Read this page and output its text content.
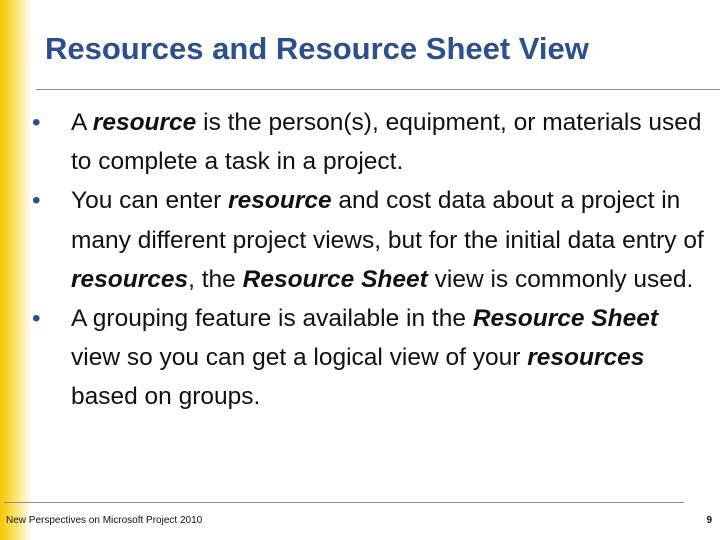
Resources and Resource Sheet View
•
A resource is the person(s), equipment, or materials used to complete a task in a project.
•
You can enter resource and cost data about a project in many different project views, but for the initial data entry of resources, the Resource Sheet view is commonly used.
•
A grouping feature is available in the Resource Sheet view so you can get a logical view of your resources based on groups.
New Perspectives on Microsoft Project 2010	9
